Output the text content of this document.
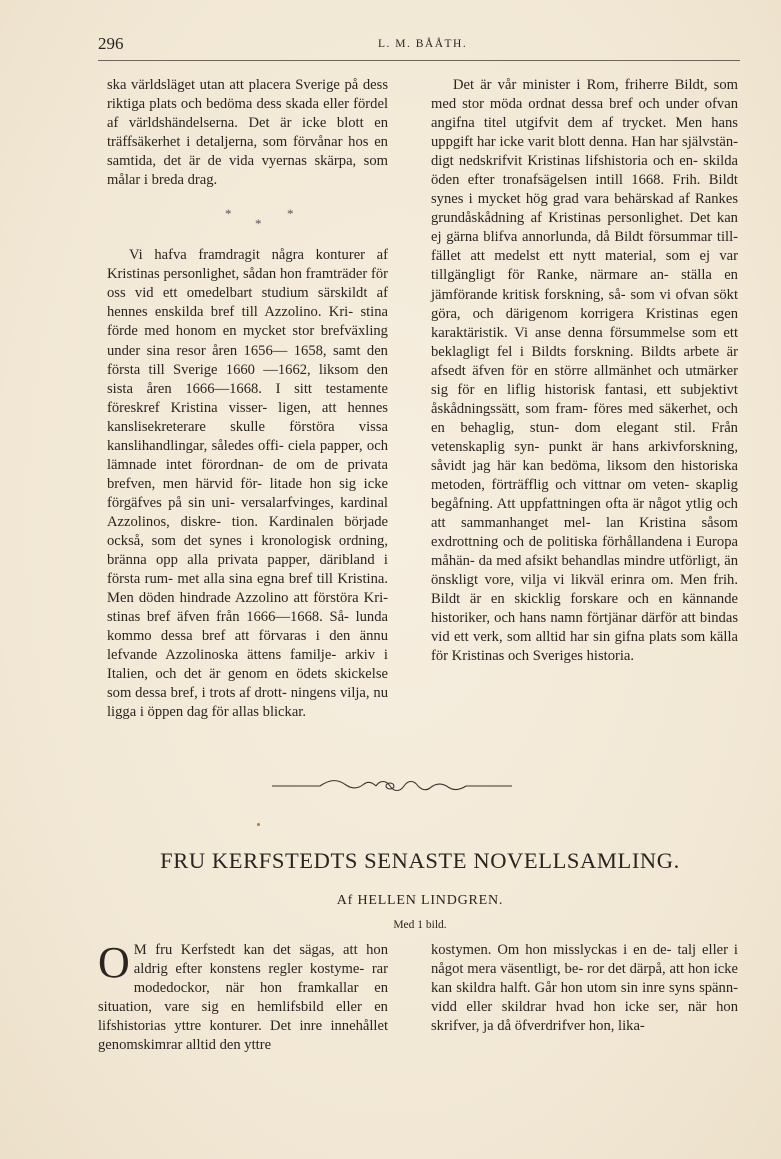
296	L. M. BÅÅTH.

ska världsläget utan att placera Sverige på dess riktiga plats och bedöma dess skada eller fördel af världshändelserna. Det är icke blott en träffsäkerhet i detaljerna, som förvånar hos en samtida, det är de vida vyernas skärpa, som målar i breda drag.

*
*
*

Vi hafva framdragit några konturer af Kristinas personlighet, sådan hon framträder för oss vid ett omedelbart studium särskildt af hennes enskilda bref till Azzolino. Kri- stina förde med honom en mycket stor brefväxling under sina resor åren 1656— 1658, samt den första till Sverige 1660 —1662, liksom den sista åren 1666—1668. I sitt testamente föreskref Kristina visser- ligen, att hennes kanslisekreterare skulle förstöra vissa kanslihandlingar, således offi- ciela papper, och lämnade intet förordnan- de om de privata brefven, men härvid för- litade hon sig icke förgäfves på sin uni- versalarfvinges, kardinal Azzolinos, diskre- tion. Kardinalen började också, som det synes i kronologisk ordning, bränna opp alla privata papper, däribland i första rum- met alla sina egna bref till Kristina. Men döden hindrade Azzolino att förstöra Kri- stinas bref äfven från 1666—1668. Så- lunda kommo dessa bref att förvaras i den ännu lefvande Azzolinoska ättens familje- arkiv i Italien, och det är genom en ödets skickelse som dessa bref, i trots af drott- ningens vilja, nu ligga i öppen dag för allas blickar.

Det är vår minister i Rom, friherre Bildt, som med stor möda ordnat dessa bref och under ofvan angifna titel utgifvit dem af trycket. Men hans uppgift har icke varit blott denna. Han har självstän- digt nedskrifvit Kristinas lifshistoria och en- skilda öden efter tronafsägelsen intill 1668. Frih. Bildt synes i mycket hög grad vara behärskad af Rankes grundåskådning af Kristinas personlighet. Det kan ej gärna blifva annorlunda, då Bildt försummar till- fället att medelst ett nytt material, som ej var tillgängligt för Ranke, närmare an- ställa en jämförande kritisk forskning, så- som vi ofvan sökt göra, och därigenom korrigera Kristinas egen karaktäristik. Vi anse denna försummelse som ett beklagligt fel i Bildts forskning. Bildts arbete är afsedt äfven för en större allmänhet och utmärker sig för en liflig historisk fantasi, ett subjektivt åskådningssätt, som fram- föres med säkerhet, och en behaglig, stun- dom elegant stil. Från vetenskaplig syn- punkt är hans arkivforskning, såvidt jag här kan bedöma, liksom den historiska metoden, förträfflig och vittnar om veten- skaplig begåfning. Att uppfattningen ofta är något ytlig och att sammanhanget mel- lan Kristina såsom exdrottning och de politiska förhållandena i Europa måhän- da med afsikt behandlas mindre utförligt, än önskligt vore, vilja vi likväl erinra om. Men frih. Bildt är en skicklig forskare och en kännande historiker, och hans namn förtjänar därför att bindas vid ett verk, som alltid har sin gifna plats som källa för Kristinas och Sveriges historia.

FRU KERFSTEDTS SENASTE NOVELLSAMLING.
Af HELLEN LINDGREN.
Med 1 bild.

O M fru Kerfstedt kan det sägas, att hon aldrig efter konstens regler kostyme- rar modedockor, när hon framkallar en situation, vare sig en hemlifsbild eller en lifshistorias yttre konturer. Det inre innehållet genomskimrar alltid den yttre

kostymen. Om hon misslyckas i en de- talj eller i något mera väsentligt, be- ror det därpå, att hon icke kan skildra halft. Går hon utom sin inre syns spänn- vidd eller skildrar hvad hon icke ser, när hon skrifver, ja då öfverdrifver hon, lika-
